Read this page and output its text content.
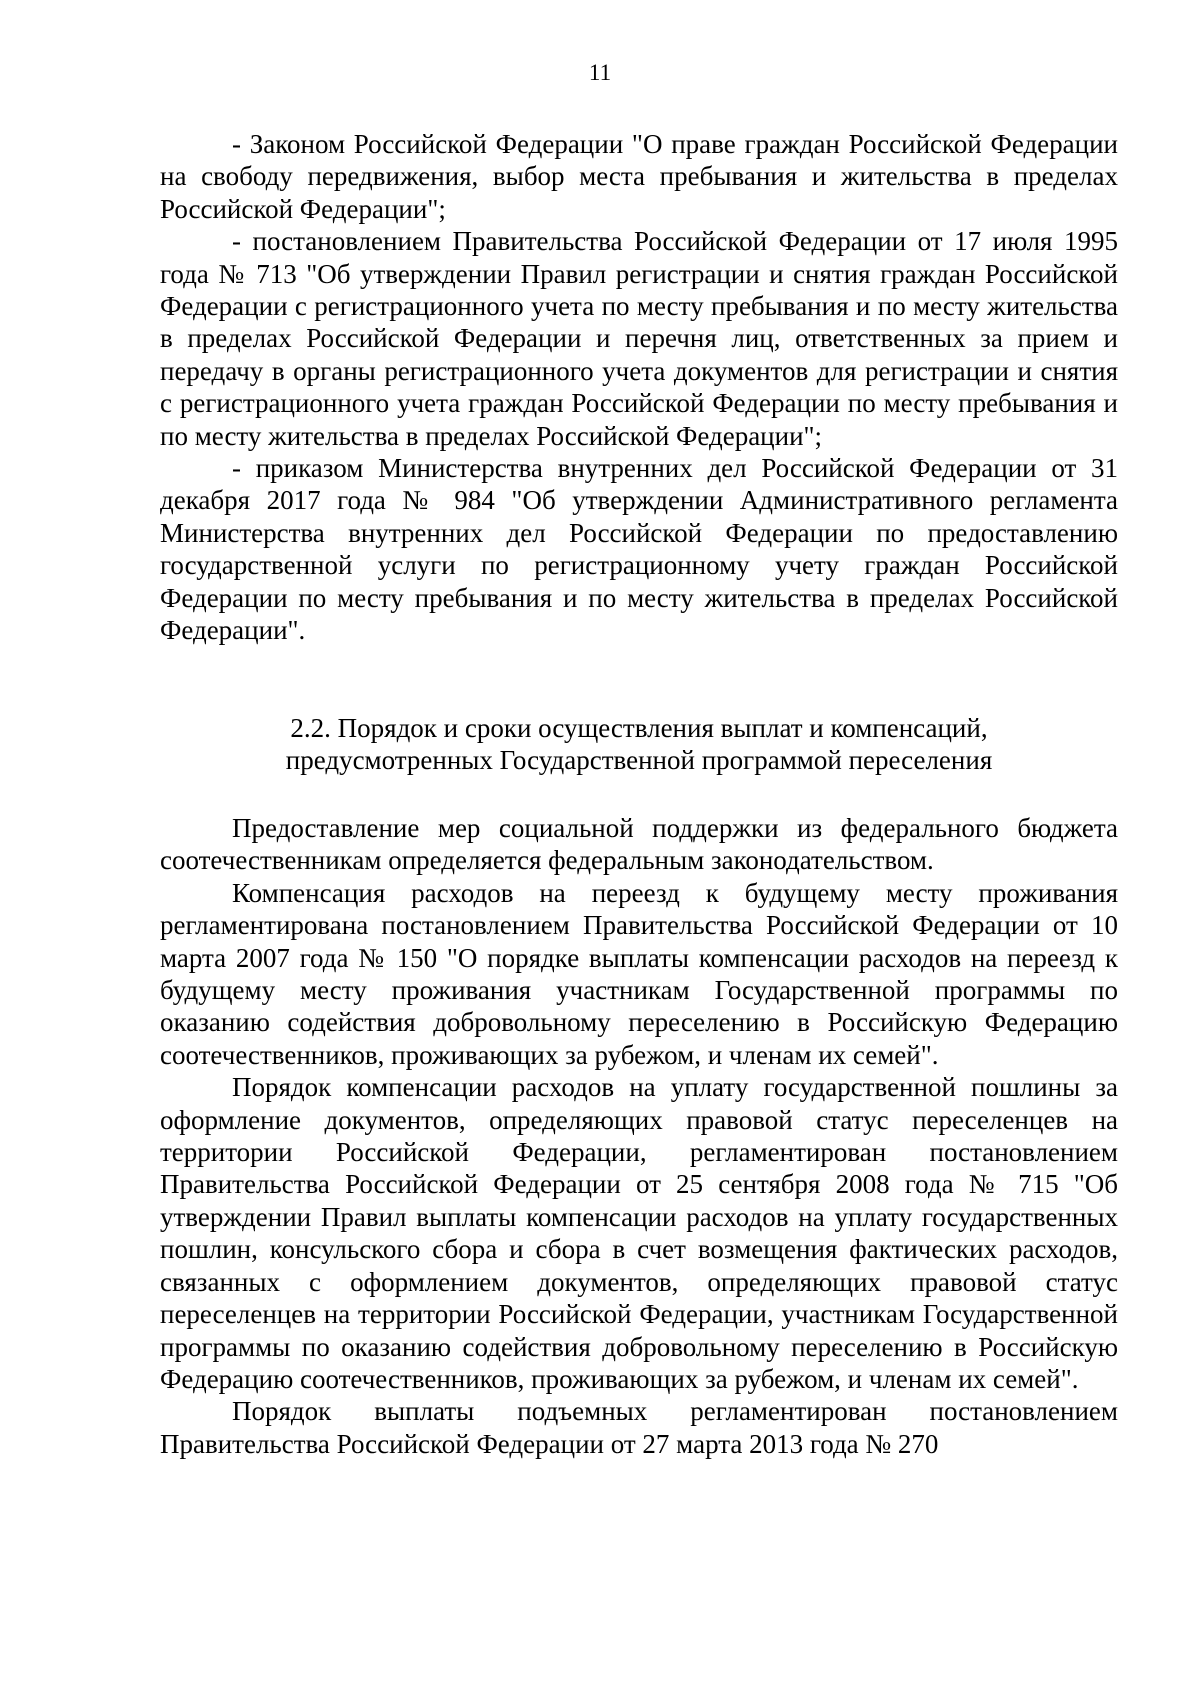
11

- Законом Российской Федерации "О праве граждан Российской Федерации на свободу передвижения, выбор места пребывания и жительства в пределах Российской Федерации";

- постановлением Правительства Российской Федерации от 17 июля 1995 года № 713 "Об утверждении Правил регистрации и снятия граждан Российской Федерации с регистрационного учета по месту пребывания и по месту жительства в пределах Российской Федерации и перечня лиц, ответственных за прием и передачу в органы регистрационного учета документов для регистрации и снятия с регистрационного учета граждан Российской Федерации по месту пребывания и по месту жительства в пределах Российской Федерации";

- приказом Министерства внутренних дел Российской Федерации от 31 декабря 2017 года № 984 "Об утверждении Административного регламента Министерства внутренних дел Российской Федерации по предоставлению государственной услуги по регистрационному учету граждан Российской Федерации по месту пребывания и по месту жительства в пределах Российской Федерации".

2.2. Порядок и сроки осуществления выплат и компенсаций,

предусмотренных Государственной программой переселения

Предоставление мер социальной поддержки из федерального бюджета соотечественникам определяется федеральным законодательством.

Компенсация расходов на переезд к будущему месту проживания регламентирована постановлением Правительства Российской Федерации от 10 марта 2007 года № 150 "О порядке выплаты компенсации расходов на переезд к будущему месту проживания участникам Государственной программы по оказанию содействия добровольному переселению в Российскую Федерацию соотечественников, проживающих за рубежом, и членам их семей".

Порядок компенсации расходов на уплату государственной пошлины за оформление документов, определяющих правовой статус переселенцев на территории Российской Федерации, регламентирован постановлением Правительства Российской Федерации от 25 сентября 2008 года № 715 "Об утверждении Правил выплаты компенсации расходов на уплату государственных пошлин, консульского сбора и сбора в счет возмещения фактических расходов, связанных с оформлением документов, определяющих правовой статус переселенцев на территории Российской Федерации, участникам Государственной программы по оказанию содействия добровольному переселению в Российскую Федерацию соотечественников, проживающих за рубежом, и членам их семей".

Порядок выплаты подъемных регламентирован постановлением Правительства Российской Федерации от 27 марта 2013 года № 270
